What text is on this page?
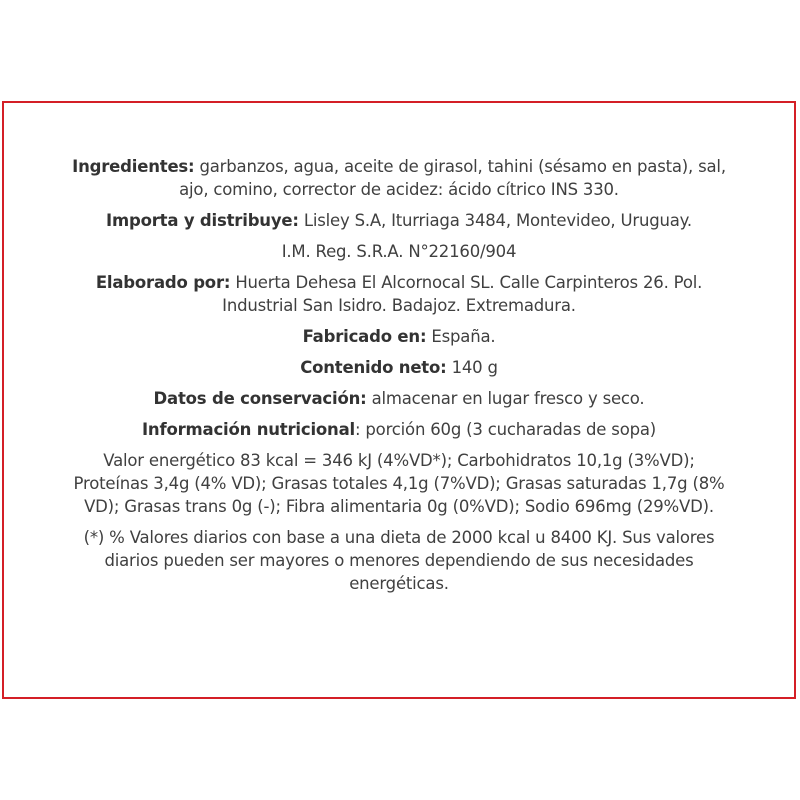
Ingredientes: garbanzos, agua, aceite de girasol, tahini (sésamo en pasta), sal,
ajo, comino, corrector de acidez: ácido cítrico INS 330.
Importa y distribuye: Lisley S.A, Iturriaga 3484, Montevideo, Uruguay.
I.M. Reg. S.R.A. N°22160/904
Elaborado por: Huerta Dehesa El Alcornocal SL. Calle Carpinteros 26. Pol.
Industrial San Isidro. Badajoz. Extremadura.
Fabricado en: España.
Contenido neto: 140 g
Datos de conservación: almacenar en lugar fresco y seco.
Información nutricional: porción 60g (3 cucharadas de sopa)
Valor energético 83 kcal = 346 kJ (4%VD*); Carbohidratos 10,1g (3%VD);
Proteínas 3,4g (4% VD); Grasas totales 4,1g (7%VD); Grasas saturadas 1,7g (8%
VD); Grasas trans 0g (-); Fibra alimentaria 0g (0%VD); Sodio 696mg (29%VD).
(*) % Valores diarios con base a una dieta de 2000 kcal u 8400 KJ. Sus valores
diarios pueden ser mayores o menores dependiendo de sus necesidades
energéticas.
